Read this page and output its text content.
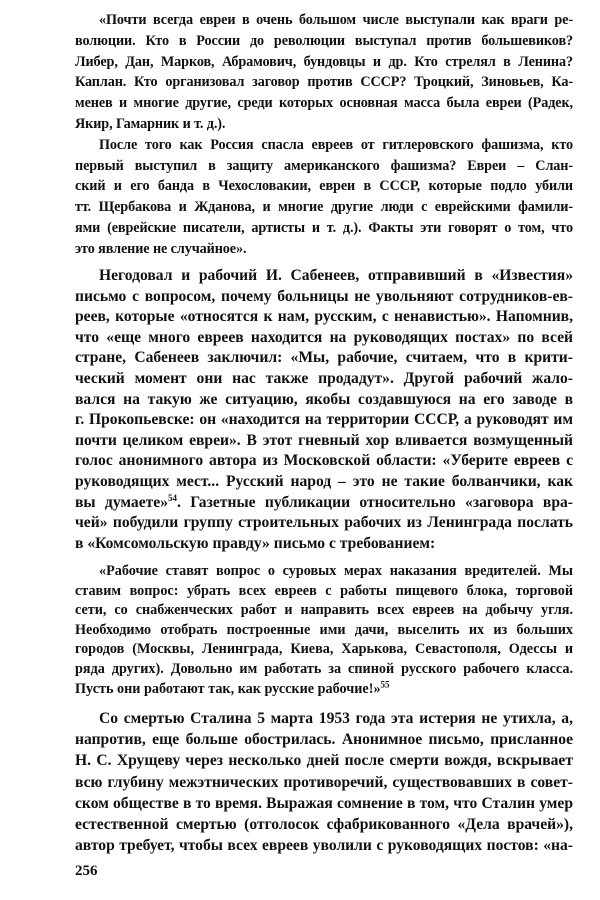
«Почти всегда евреи в очень большом числе выступали как враги ре-
волюции. Кто в России до революции выступал против большевиков?
Либер, Дан, Марков, Абрамович, бундовцы и др. Кто стрелял в Ленина?
Каплан. Кто организовал заговор против СССР? Троцкий, Зиновьев, Ка-
менев и многие другие, среди которых основная масса была евреи (Радек,
Якир, Гамарник и т. д.).
После того как Россия спасла евреев от гитлеровского фашизма, кто
первый выступил в защиту американского фашизма? Евреи – Слан-
ский и его банда в Чехословакии, евреи в СССР, которые подло убили
тт. Щербакова и Жданова, и многие другие люди с еврейскими фамили-
ями (еврейские писатели, артисты и т. д.). Факты эти говорят о том, что
это явление не случайное».
Негодовал и рабочий И. Сабенеев, отправивший в «Известия»
письмо с вопросом, почему больницы не увольняют сотрудников-ев-
реев, которые «относятся к нам, русским, с ненавистью». Напомнив,
что «еще много евреев находится на руководящих постах» по всей
стране, Сабенеев заключил: «Мы, рабочие, считаем, что в крити-
ческий момент они нас также продадут». Другой рабочий жало-
вался на такую же ситуацию, якобы создавшуюся на его заводе в
г. Прокопьевске: он «находится на территории СССР, а руководят им
почти целиком евреи». В этот гневный хор вливается возмущенный
голос анонимного автора из Московской области: «Уберите евреев с
руководящих мест... Русский народ – это не такие болванчики, как
вы думаете»$^{54}$. Газетные публикации относительно «заговора вра-
чей» побудили группу строительных рабочих из Ленинграда послать
в «Комсомольскую правду» письмо с требованием:
«Рабочие ставят вопрос о суровых мерах наказания вредителей. Мы
ставим вопрос: убрать всех евреев с работы пищевого блока, торговой
сети, со снабженческих работ и направить всех евреев на добычу угля.
Необходимо отобрать построенные ими дачи, выселить их из больших
городов (Москвы, Ленинграда, Киева, Харькова, Севастополя, Одессы и
ряда других). Довольно им работать за спиной русского рабочего класса.
Пусть они работают так, как русские рабочие!»$^{55}$
Со смертью Сталина 5 марта 1953 года эта истерия не утихла, а,
напротив, еще больше обострилась. Анонимное письмо, присланное
Н. С. Хрущеву через несколько дней после смерти вождя, вскрывает
всю глубину межэтнических противоречий, существовавших в совет-
ском обществе в то время. Выражая сомнение в том, что Сталин умер
естественной смертью (отголосок сфабрикованного «Дела врачей»),
автор требует, чтобы всех евреев уволили с руководящих постов: «на-
256
